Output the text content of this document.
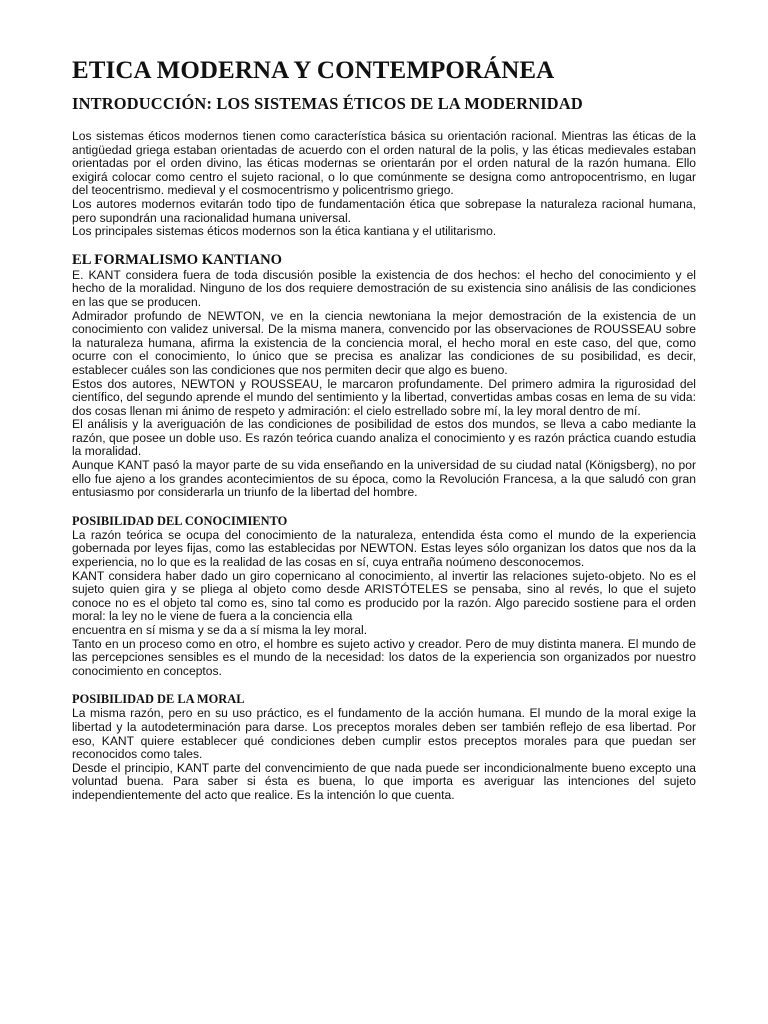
ETICA MODERNA Y CONTEMPORÁNEA
INTRODUCCIÓN: LOS SISTEMAS ÉTICOS DE LA MODERNIDAD

Los sistemas éticos modernos tienen como característica básica su orientación racional. Mientras las éticas de la antigüedad griega estaban orientadas de acuerdo con el orden natural de la polis, y las éticas medievales estaban orientadas por el orden divino, las éticas modernas se orientarán por el orden natural de la razón humana. Ello exigirá colocar como centro el sujeto racional, o lo que comúnmente se designa como antropocentrismo, en lugar del teocentrismo. medieval y el cosmocentrismo y policentrismo griego.

Los autores modernos evitarán todo tipo de fundamentación ética que sobrepase la naturaleza racional humana, pero supondrán una racionalidad humana universal.

Los principales sistemas éticos modernos son la ética kantiana y el utilitarismo.

EL FORMALISMO KANTIANO

E. KANT considera fuera de toda discusión posible la existencia de dos hechos: el hecho del conocimiento y el hecho de la moralidad. Ninguno de los dos requiere demostración de su existencia sino análisis de las condiciones en las que se producen.

Admirador profundo de NEWTON, ve en la ciencia newtoniana la mejor demostración de la existencia de un conocimiento con validez universal. De la misma manera, convencido por las observaciones de ROUSSEAU sobre la naturaleza humana, afirma la existencia de la conciencia moral, el hecho moral en este caso, del que, como ocurre con el conocimiento, lo único que se precisa es analizar las condiciones de su posibilidad, es decir, establecer cuáles son las condiciones que nos permiten decir que algo es bueno.

Estos dos autores, NEWTON y ROUSSEAU, le marcaron profundamente. Del primero admira la rigurosidad del científico, del segundo aprende el mundo del sentimiento y la libertad, convertidas ambas cosas en lema de su vida: dos cosas llenan mi ánimo de respeto y admiración: el cielo estrellado sobre mí, la ley moral dentro de mí.

El análisis y la averiguación de las condiciones de posibilidad de estos dos mundos, se lleva a cabo mediante la razón, que posee un doble uso. Es razón teórica cuando analiza el conocimiento y es razón práctica cuando estudia la moralidad.

Aunque KANT pasó la mayor parte de su vida enseñando en la universidad de su ciudad natal (Königsberg), no por ello fue ajeno a los grandes acontecimientos de su época, como la Revolución Francesa, a la que saludó con gran entusiasmo por considerarla un triunfo de la libertad del hombre.

POSIBILIDAD DEL CONOCIMIENTO

La razón teórica se ocupa del conocimiento de la naturaleza, entendida ésta como el mundo de la experiencia gobernada por leyes fijas, como las establecidas por NEWTON. Estas leyes sólo organizan los datos que nos da la experiencia, no lo que es la realidad de las cosas en sí, cuya entraña noúmeno desconocemos.

KANT considera haber dado un giro copernicano al conocimiento, al invertir las relaciones sujeto-objeto. No es el sujeto quien gira y se pliega al objeto como desde ARISTÓTELES se pensaba, sino al revés, lo que el sujeto conoce no es el objeto tal como es, sino tal como es producido por la razón. Algo parecido sostiene para el orden moral: la ley no le viene de fuera a la conciencia ella

encuentra en sí misma y se da a sí misma la ley moral.

Tanto en un proceso como en otro, el hombre es sujeto activo y creador. Pero de muy distinta manera. El mundo de las percepciones sensibles es el mundo de la necesidad: los datos de la experiencia son organizados por nuestro conocimiento en conceptos.

POSIBILIDAD DE LA MORAL

La misma razón, pero en su uso práctico, es el fundamento de la acción humana. El mundo de la moral exige la libertad y la autodeterminación para darse. Los preceptos morales deben ser también reflejo de esa libertad. Por eso, KANT quiere establecer qué condiciones deben cumplir estos preceptos morales para que puedan ser reconocidos como tales.

Desde el principio, KANT parte del convencimiento de que nada puede ser incondicionalmente bueno excepto una voluntad buena. Para saber si ésta es buena, lo que importa es averiguar las intenciones del sujeto independientemente del acto que realice. Es la intención lo que cuenta.
